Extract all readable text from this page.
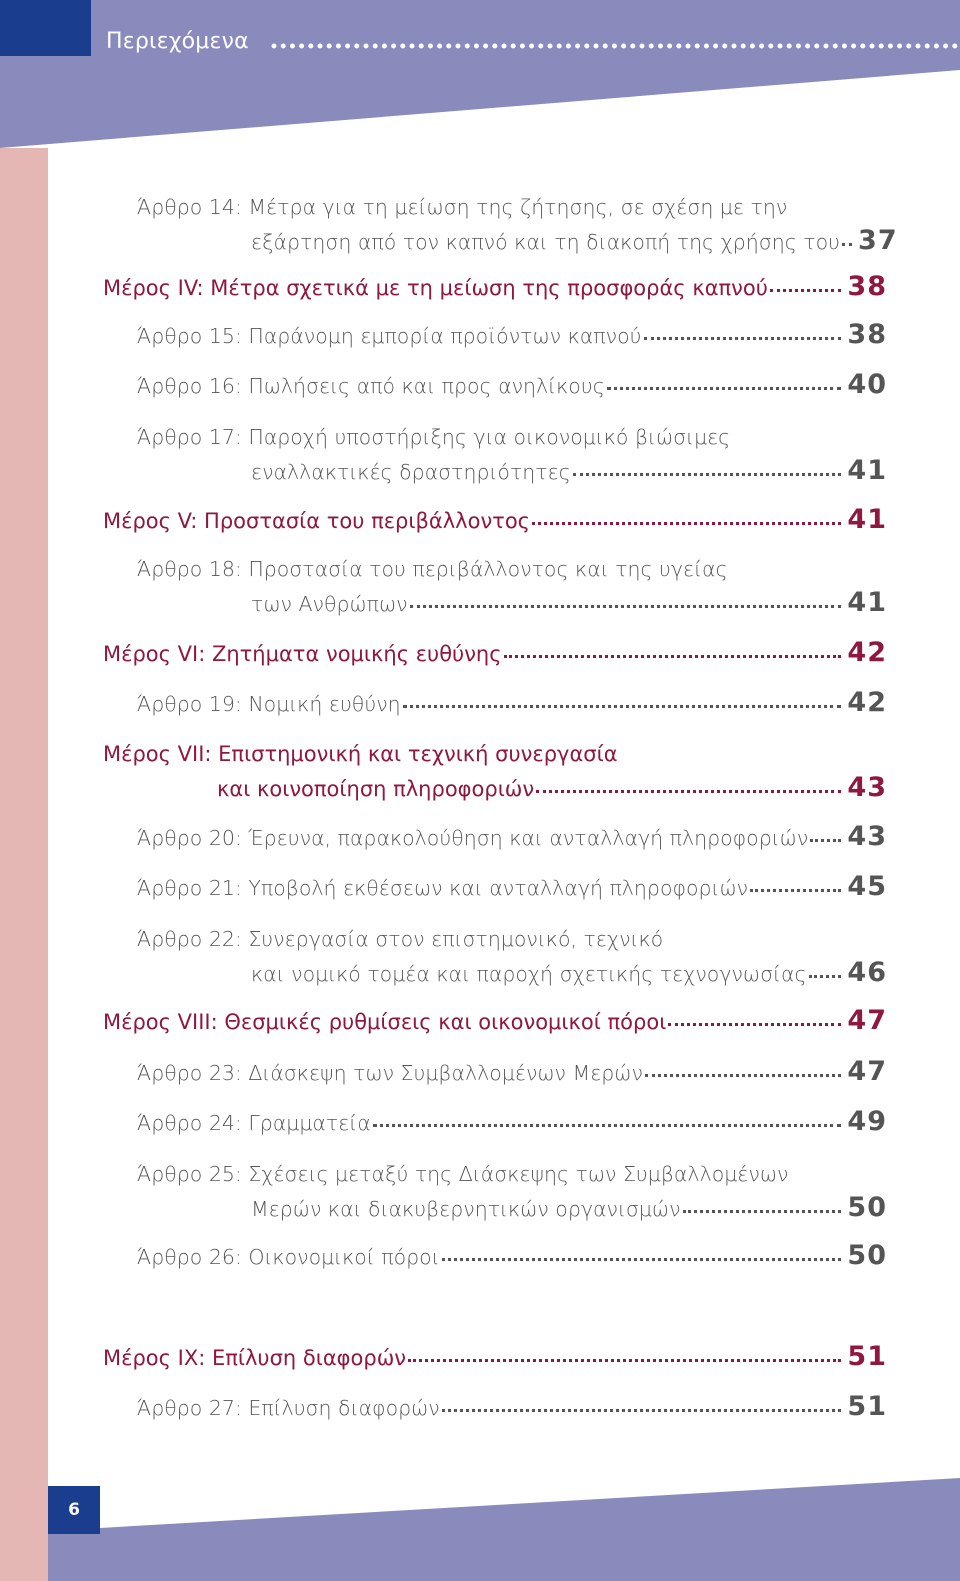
Περιεχόμενα
Άρθρο 14: Μέτρα για τη μείωση της ζήτησης, σε σχέση με την
εξάρτηση από τον καπνό και τη διακοπή της χρήσης του 37
Μέρος IV: Μέτρα σχετικά με τη μείωση της προσφοράς καπνού	38
Άρθρο 15: Παράνομη εμπορία προϊόντων καπνού	38
Άρθρο 16: Πωλήσεις από και προς ανηλίκους	40
Άρθρο 17: Παροχή υποστήριξης για οικονομικό βιώσιμες
εναλλακτικές δραστηριότητες	41
Μέρος V: Προστασία του περιβάλλοντος	41
Άρθρο 18: Προστασία του περιβάλλοντος και της υγείας
των Ανθρώπων	41
Μέρος VI: Ζητήματα νομικής ευθύνης	42
Άρθρο 19: Νομική ευθύνη	42
Μέρος VII: Επιστημονική και τεχνική συνεργασία
και κοινοποίηση πληροφοριών	43
Άρθρο 20: Έρευνα, παρακολούθηση και ανταλλαγή πληροφοριών 43
Άρθρο 21: Υποβολή εκθέσεων και ανταλλαγή πληροφοριών	45
Άρθρο 22: Συνεργασία στον επιστημονικό, τεχνικό
και νομικό τομέα και παροχή σχετικής τεχνογνωσίας 46
Μέρος VIII: Θεσμικές ρυθμίσεις και οικονομικοί πόροι	47
Άρθρο 23: Διάσκεψη των Συμβαλλομένων Μερών	47
Άρθρο 24: Γραμματεία	49
Άρθρο 25: Σχέσεις μεταξύ της Διάσκεψης των Συμβαλλομένων
Μερών και διακυβερνητικών οργανισμών	50
Άρθρο 26: Οικονομικοί πόροι	50
Μέρος IX: Επίλυση διαφορών	51
Άρθρο 27: Επίλυση διαφορών	51
6
